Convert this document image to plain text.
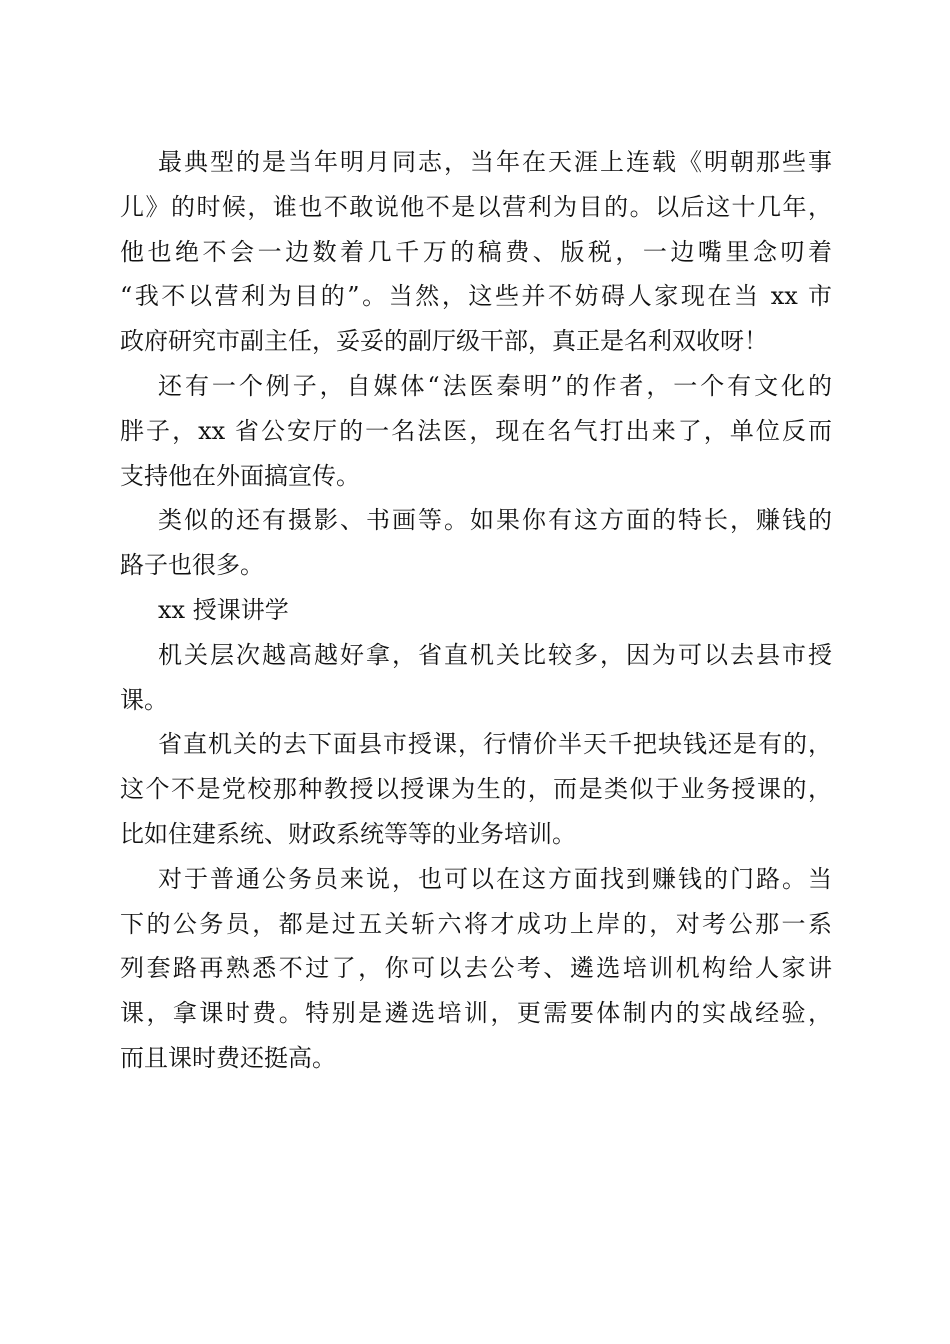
最典型的是当年明月同志，当年在天涯上连载《明朝那些事
儿》的时候，谁也不敢说他不是以营利为目的。以后这十几年，
他也绝不会一边数着几千万的稿费、版税，一边嘴里念叨着
“我不以营利为目的”。当然，这些并不妨碍人家现在当 xx 市
政府研究市副主任，妥妥的副厅级干部，真正是名利双收呀！
还有一个例子，自媒体“法医秦明”的作者，一个有文化的
胖子，xx 省公安厅的一名法医，现在名气打出来了，单位反而
支持他在外面搞宣传。
类似的还有摄影、书画等。如果你有这方面的特长，赚钱的
路子也很多。
xx 授课讲学
机关层次越高越好拿，省直机关比较多，因为可以去县市授
课。
省直机关的去下面县市授课，行情价半天千把块钱还是有的，
这个不是党校那种教授以授课为生的，而是类似于业务授课的，
比如住建系统、财政系统等等的业务培训。
对于普通公务员来说，也可以在这方面找到赚钱的门路。当
下的公务员，都是过五关斩六将才成功上岸的，对考公那一系
列套路再熟悉不过了，你可以去公考、遴选培训机构给人家讲
课，拿课时费。特别是遴选培训，更需要体制内的实战经验，
而且课时费还挺高。
